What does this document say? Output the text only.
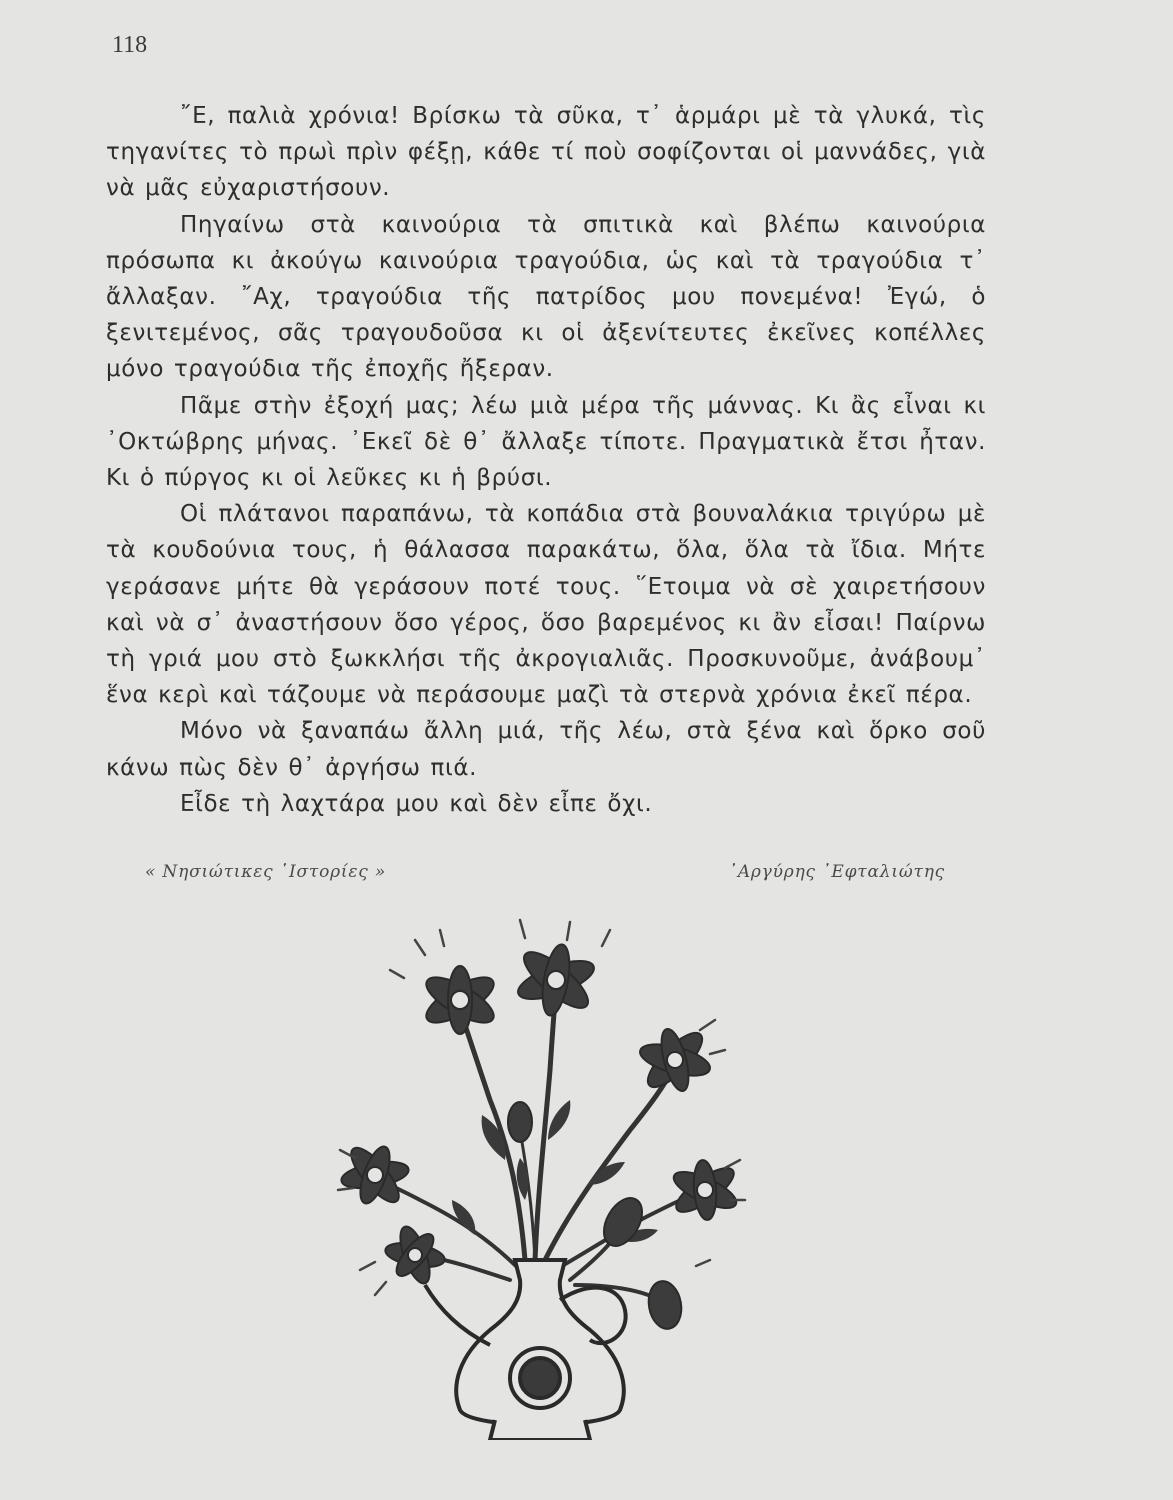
118

῎Ε, παλιὰ χρόνια! Βρίσκω τὰ σῦκα, τ᾿ ἁρμάρι μὲ τὰ γλυκά, τὶς τηγανίτες τὸ πρωὶ πρὶν φέξῃ, κάθε τί ποὺ σοφίζονται οἱ μαννάδες, γιὰ νὰ μᾶς εὐχαριστήσουν.

Πηγαίνω στὰ καινούρια τὰ σπιτικὰ καὶ βλέπω καινούρια πρόσωπα κι ἀκούγω καινούρια τραγούδια, ὡς καὶ τὰ τραγούδια τ᾿ ἄλλαξαν. ῎Αχ, τραγούδια τῆς πατρίδος μου πονεμένα! Ἐγώ, ὁ ξενιτεμένος, σᾶς τραγουδοῦσα κι οἱ ἀξενίτευτες ἐκεῖνες κοπέλλες μόνο τραγούδια τῆς ἐποχῆς ἤξεραν.

Πᾶμε στὴν ἐξοχή μας; λέω μιὰ μέρα τῆς μάννας. Κι ἂς εἶναι κι ᾿Οκτώβρης μήνας. ᾿Εκεῖ δὲ θ᾿ ἄλλαξε τίποτε. Πραγματικὰ ἔτσι ἦταν. Κι ὁ πύργος κι οἱ λεῦκες κι ἡ βρύσι.

Οἱ πλάτανοι παραπάνω, τὰ κοπάδια στὰ βουναλάκια τριγύρω μὲ τὰ κουδούνια τους, ἡ θάλασσα παρακάτω, ὅλα, ὅλα τὰ ἴδια. Μήτε γεράσανε μήτε θὰ γεράσουν ποτέ τους. ῞Ετοιμα νὰ σὲ χαιρετήσουν καὶ νὰ σ᾿ ἀναστήσουν ὅσο γέρος, ὅσο βαρεμένος κι ἂν εἶσαι! Παίρνω τὴ γριά μου στὸ ξωκκλήσι τῆς ἀκρογιαλιᾶς. Προσκυνοῦμε, ἀνάβουμ᾿ ἕνα κερὶ καὶ τάζουμε νὰ περάσουμε μαζὶ τὰ στερνὰ χρόνια ἐκεῖ πέρα.

Μόνο νὰ ξαναπάω ἄλλη μιά, τῆς λέω, στὰ ξένα καὶ ὅρκο σοῦ κάνω πὼς δὲν θ᾿ ἀργήσω πιά.

Εἶδε τὴ λαχτάρα μου καὶ δὲν εἶπε ὄχι.

« Νησιώτικες ῾Ιστορίες »	᾿Αργύρης ᾿Εφταλιώτης
